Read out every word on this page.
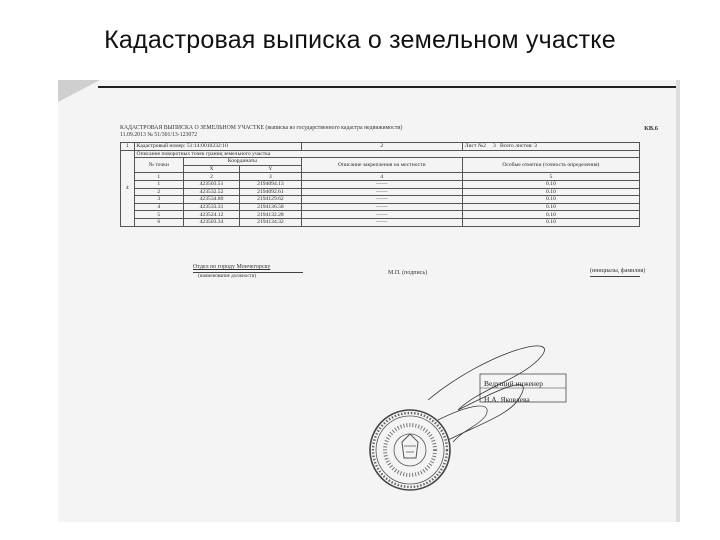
Кадастровая выписка о земельном участке
КАДАСТРОВАЯ ВЫПИСКА О ЗЕМЕЛЬНОМ УЧАСТКЕ (выписка из государственного кадастра недвижимости)
11.09.2013 № 51/301/13-123072
КВ.6
1	Кадастровый номер: 51:14:0010232:10			2	Лист №2 3 Всего листов: 3
4	Описание поворотных точек границ земельного участка				
	№ точки	Координаты		Описание закрепления на местности	Особые отметки (точность определения)
		X	Y		
	1	2	3	4	5
	1	423503.51	2194094.13	——	0.10
	2	423532.52	2194092.61	——	0.10
	3	423534.80	2194129.62	——	0.10
	4	423533.31	2194136.58	——	0.10
	5	423524.12	2194132.28	——	0.10
	6	423503.34	2194134.32	——	0.10
Отдел по городу Мончегорску
(наименование должности)
М.П. (подпись)	(инициалы, фамилия)
Ведущий инженер
Н.А. Яковлева
